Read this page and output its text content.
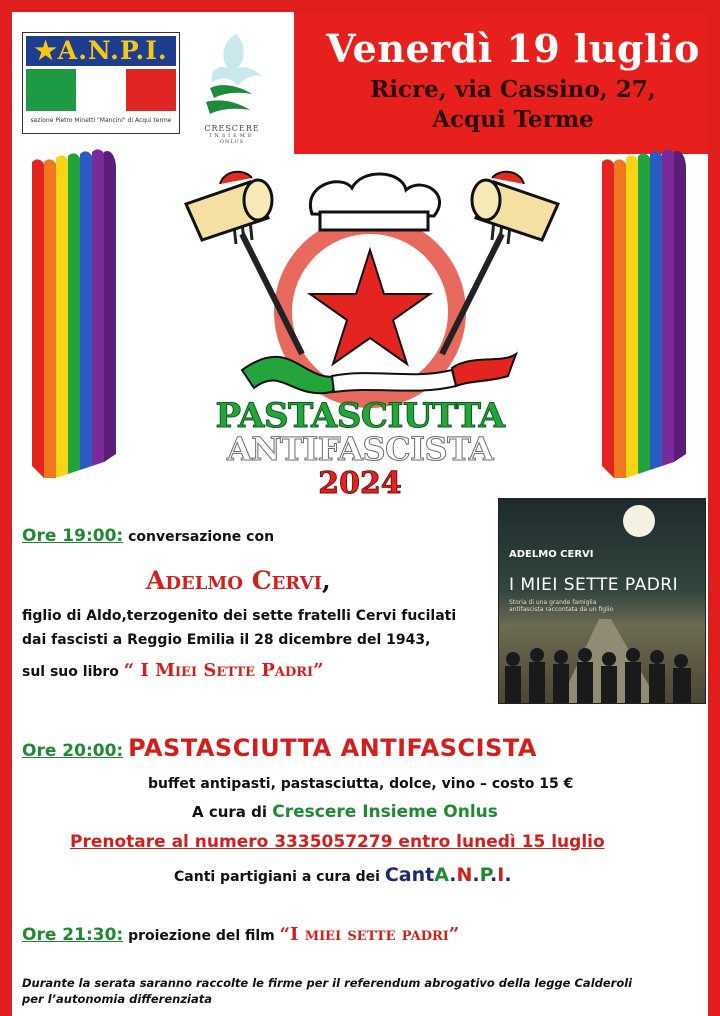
Venerdì 19 luglio
Ricre, via Cassino, 27,
Acqui Terme
★A.N.P.I.
sezione Pietro Minetti "Mancini" di Acqui terme
CRESCERE
INSIEME
ONLUS
PASTASCIUTTA
ANTIFASCISTA
2024
ADELMO CERVI
I MIEI SETTE PADRI
Storia di una grande famiglia antifascista raccontata da un figlio
Ore 19:00: conversazione con
Adelmo Cervi,
figlio di Aldo,terzogenito dei sette fratelli Cervi fucilati
dai fascisti a Reggio Emilia il 28 dicembre del 1943,
sul suo libro “ I Miei Sette Padri”
Ore 20:00: PASTASCIUTTA ANTIFASCISTA
buffet antipasti, pastasciutta, dolce, vino – costo 15 €
A cura di Crescere Insieme Onlus
Prenotare al numero 3335057279 entro lunedì 15 luglio
Canti partigiani a cura dei CantA.N.P.I.
Ore 21:30: proiezione del film “I miei sette padri”
Durante la serata saranno raccolte le firme per il referendum abrogativo della legge Calderoli
per l’autonomia differenziata
